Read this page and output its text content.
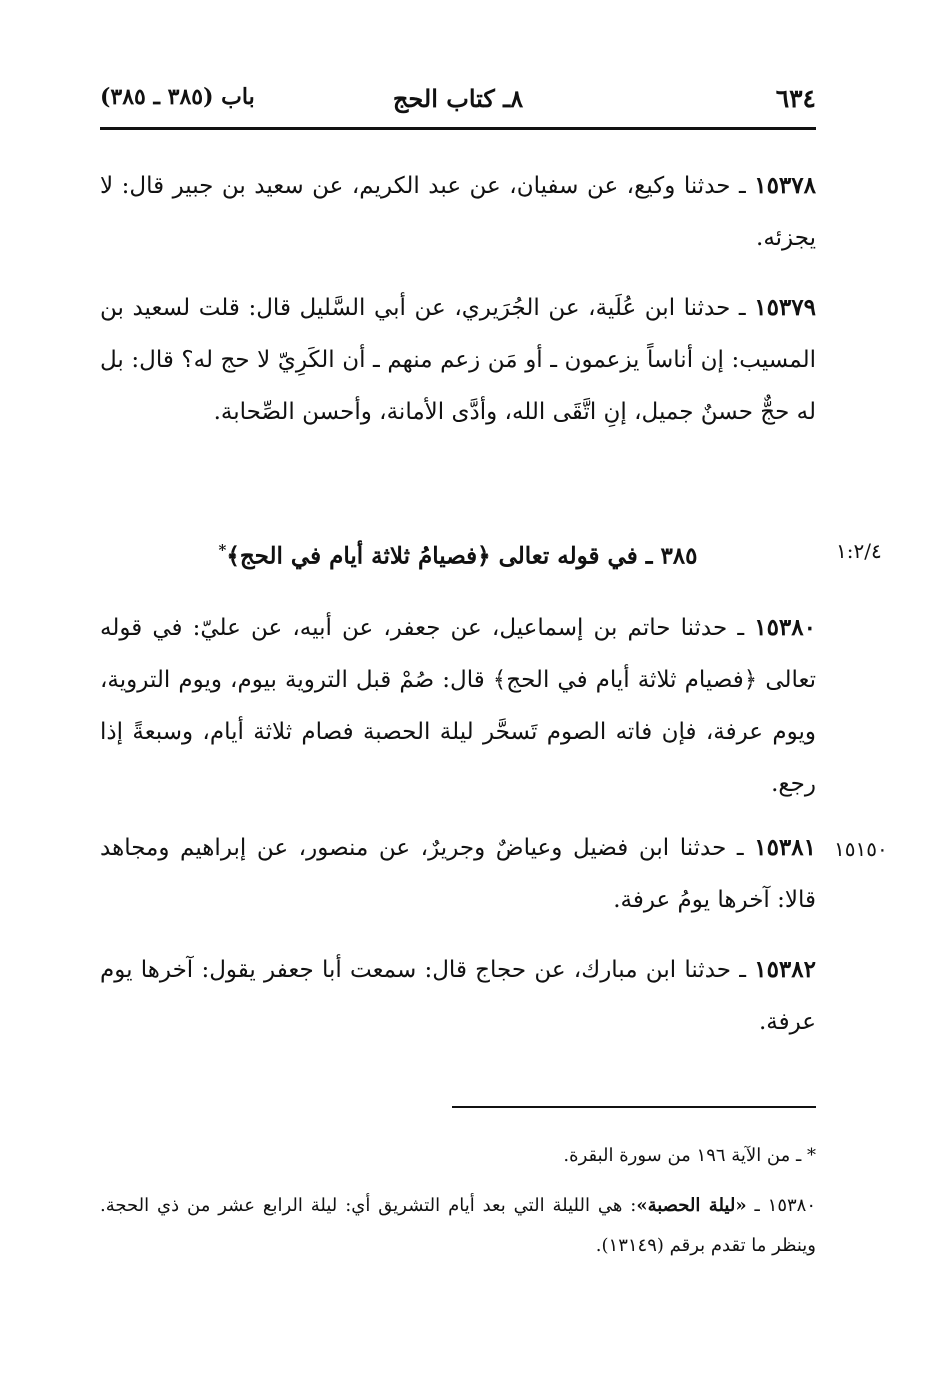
٦٣٤
٨ـ كتاب الحج
باب (٣٨٥ ـ ٣٨٥)
١٥٣٧٨ ـ حدثنا وكيع، عن سفيان، عن عبد الكريم، عن سعيد بن جبير قال: لا يجزئه.
١٥٣٧٩ ـ حدثنا ابن عُلَية، عن الجُرَيري، عن أبي السَّليل قال: قلت لسعيد بن المسيب: إن أناساً يزعمون ـ أو مَن زعم منهم ـ أن الكَرِيّ لا حج له؟ قال: بل له حجٌّ حسنٌ جميل، إنِ اتَّقَى الله، وأدَّى الأمانة، وأحسن الصِّحابة.
١:٢/٤
٣٨٥ ـ في قوله تعالى ﴿فصيامُ ثلاثة أيام في الحج﴾*
١٥٣٨٠ ـ حدثنا حاتم بن إسماعيل، عن جعفر، عن أبيه، عن عليّ: في قوله تعالى ﴿فصيام ثلاثة أيام في الحج﴾ قال: صُمْ قبل التروية بيوم، ويوم التروية، ويوم عرفة، فإن فاته الصوم تَسحَّر ليلة الحصبة فصام ثلاثة أيام، وسبعةً إذا رجع.
١٥١٥٠
١٥٣٨١ ـ حدثنا ابن فضيل وعياضٌ وجريرٌ، عن منصور، عن إبراهيم ومجاهد قالا: آخرها يومُ عرفة.
١٥٣٨٢ ـ حدثنا ابن مبارك، عن حجاج قال: سمعت أبا جعفر يقول: آخرها يوم عرفة.
* ـ من الآية ١٩٦ من سورة البقرة.
١٥٣٨٠ ـ «ليلة الحصبة»: هي الليلة التي بعد أيام التشريق أي: ليلة الرابع عشر من ذي الحجة. وينظر ما تقدم برقم (١٣١٤٩).
